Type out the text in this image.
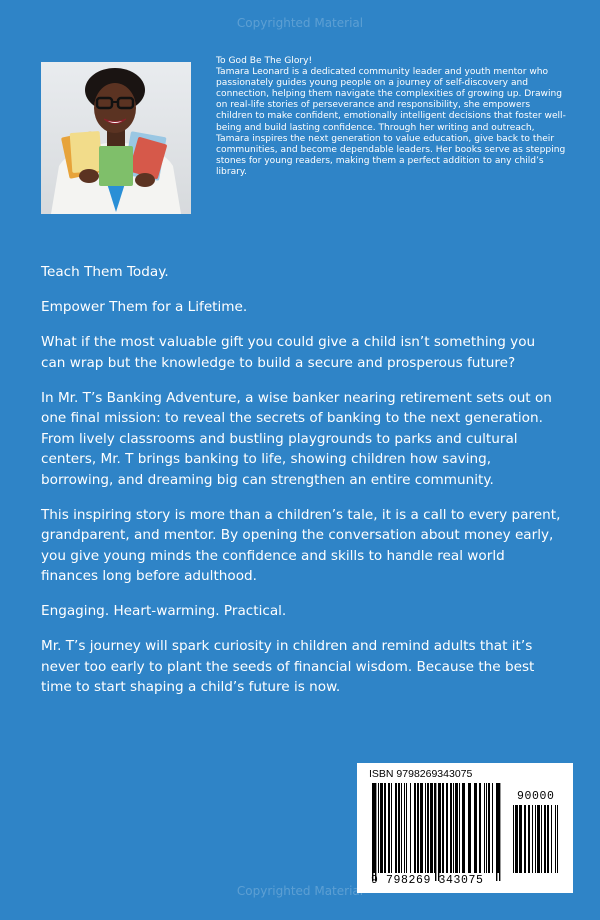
Copyrighted Material

To God Be The Glory!

Tamara Leonard is a dedicated community leader and youth mentor who passionately guides young people on a journey of self-discovery and connection, helping them navigate the complexities of growing up. Drawing on real-life stories of perseverance and responsibility, she empowers children to make confident, emotionally intelligent decisions that foster well-being and build lasting confidence. Through her writing and outreach, Tamara inspires the next generation to value education, give back to their communities, and become dependable leaders. Her books serve as stepping stones for young readers, making them a perfect addition to any child’s library.

Teach Them Today.

Empower Them for a Lifetime.

What if the most valuable gift you could give a child isn’t something you can wrap but the knowledge to build a secure and prosperous future?

In Mr. T’s Banking Adventure, a wise banker nearing retirement sets out on one final mission: to reveal the secrets of banking to the next generation. From lively classrooms and bustling playgrounds to parks and cultural centers, Mr. T brings banking to life, showing children how saving, borrowing, and dreaming big can strengthen an entire community.

This inspiring story is more than a children’s tale, it is a call to every parent, grandparent, and mentor. By opening the conversation about money early, you give young minds the confidence and skills to handle real world finances long before adulthood.

Engaging. Heart-warming. Practical.

Mr. T’s journey will spark curiosity in children and remind adults that it’s never too early to plant the seeds of financial wisdom. Because the best time to start shaping a child’s future is now.

ISBN 9798269343075
9 798269 343075
90000
Copyrighted Material
